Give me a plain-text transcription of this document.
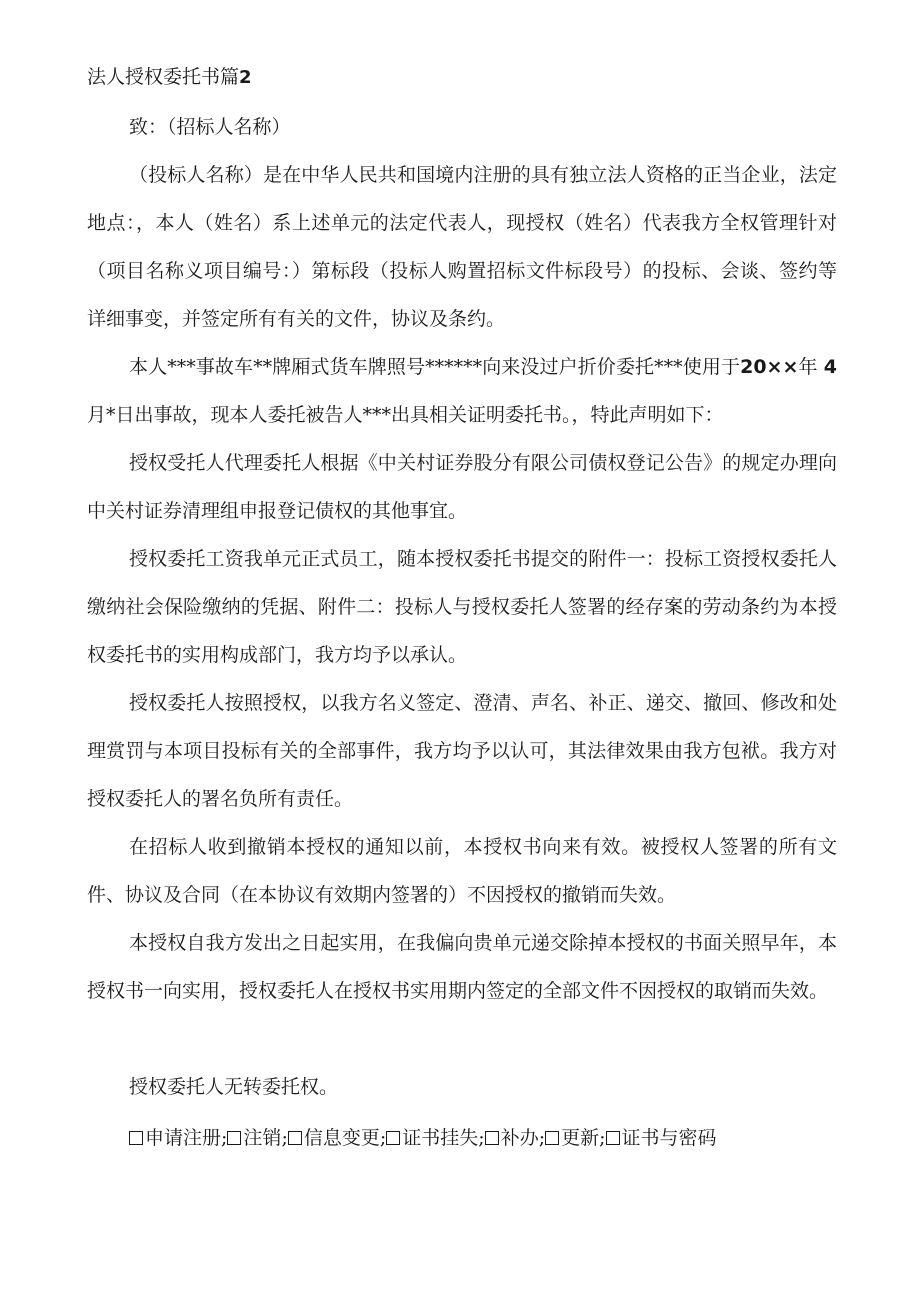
法人授权委托书篇2

致：（招标人名称）

（投标人名称）是在中华人民共和国境内注册的具有独立法人资格的正当企业，法定地点：，本人（姓名）系上述单元的法定代表人，现授权（姓名）代表我方全权管理针对（项目名称义项目编号：）第标段（投标人购置招标文件标段号）的投标、会谈、签约等详细事变，并签定所有有关的文件，协议及条约。

本人***事故车**牌厢式货车牌照号******向来没过户折价委托***使用于20××年 4 月*日出事故，现本人委托被告人***出具相关证明委托书。，特此声明如下：

授权受托人代理委托人根据《中关村证券股分有限公司债权登记公告》的规定办理向中关村证券清理组申报登记债权的其他事宜。

授权委托工资我单元正式员工，随本授权委托书提交的附件一：投标工资授权委托人缴纳社会保险缴纳的凭据、附件二：投标人与授权委托人签署的经存案的劳动条约为本授权委托书的实用构成部门，我方均予以承认。

授权委托人按照授权，以我方名义签定、澄清、声名、补正、递交、撤回、修改和处理赏罚与本项目投标有关的全部事件，我方均予以认可，其法律效果由我方包袱。我方对授权委托人的署名负所有责任。

在招标人收到撤销本授权的通知以前，本授权书向来有效。被授权人签署的所有文件、协议及合同（在本协议有效期内签署的）不因授权的撤销而失效。

本授权自我方发出之日起实用，在我偏向贵单元递交除掉本授权的书面关照早年，本授权书一向实用，授权委托人在授权书实用期内签定的全部文件不因授权的取销而失效。

授权委托人无转委托权。

申请注册; 注销; 信息变更; 证书挂失; 补办; 更新; 证书与密码
